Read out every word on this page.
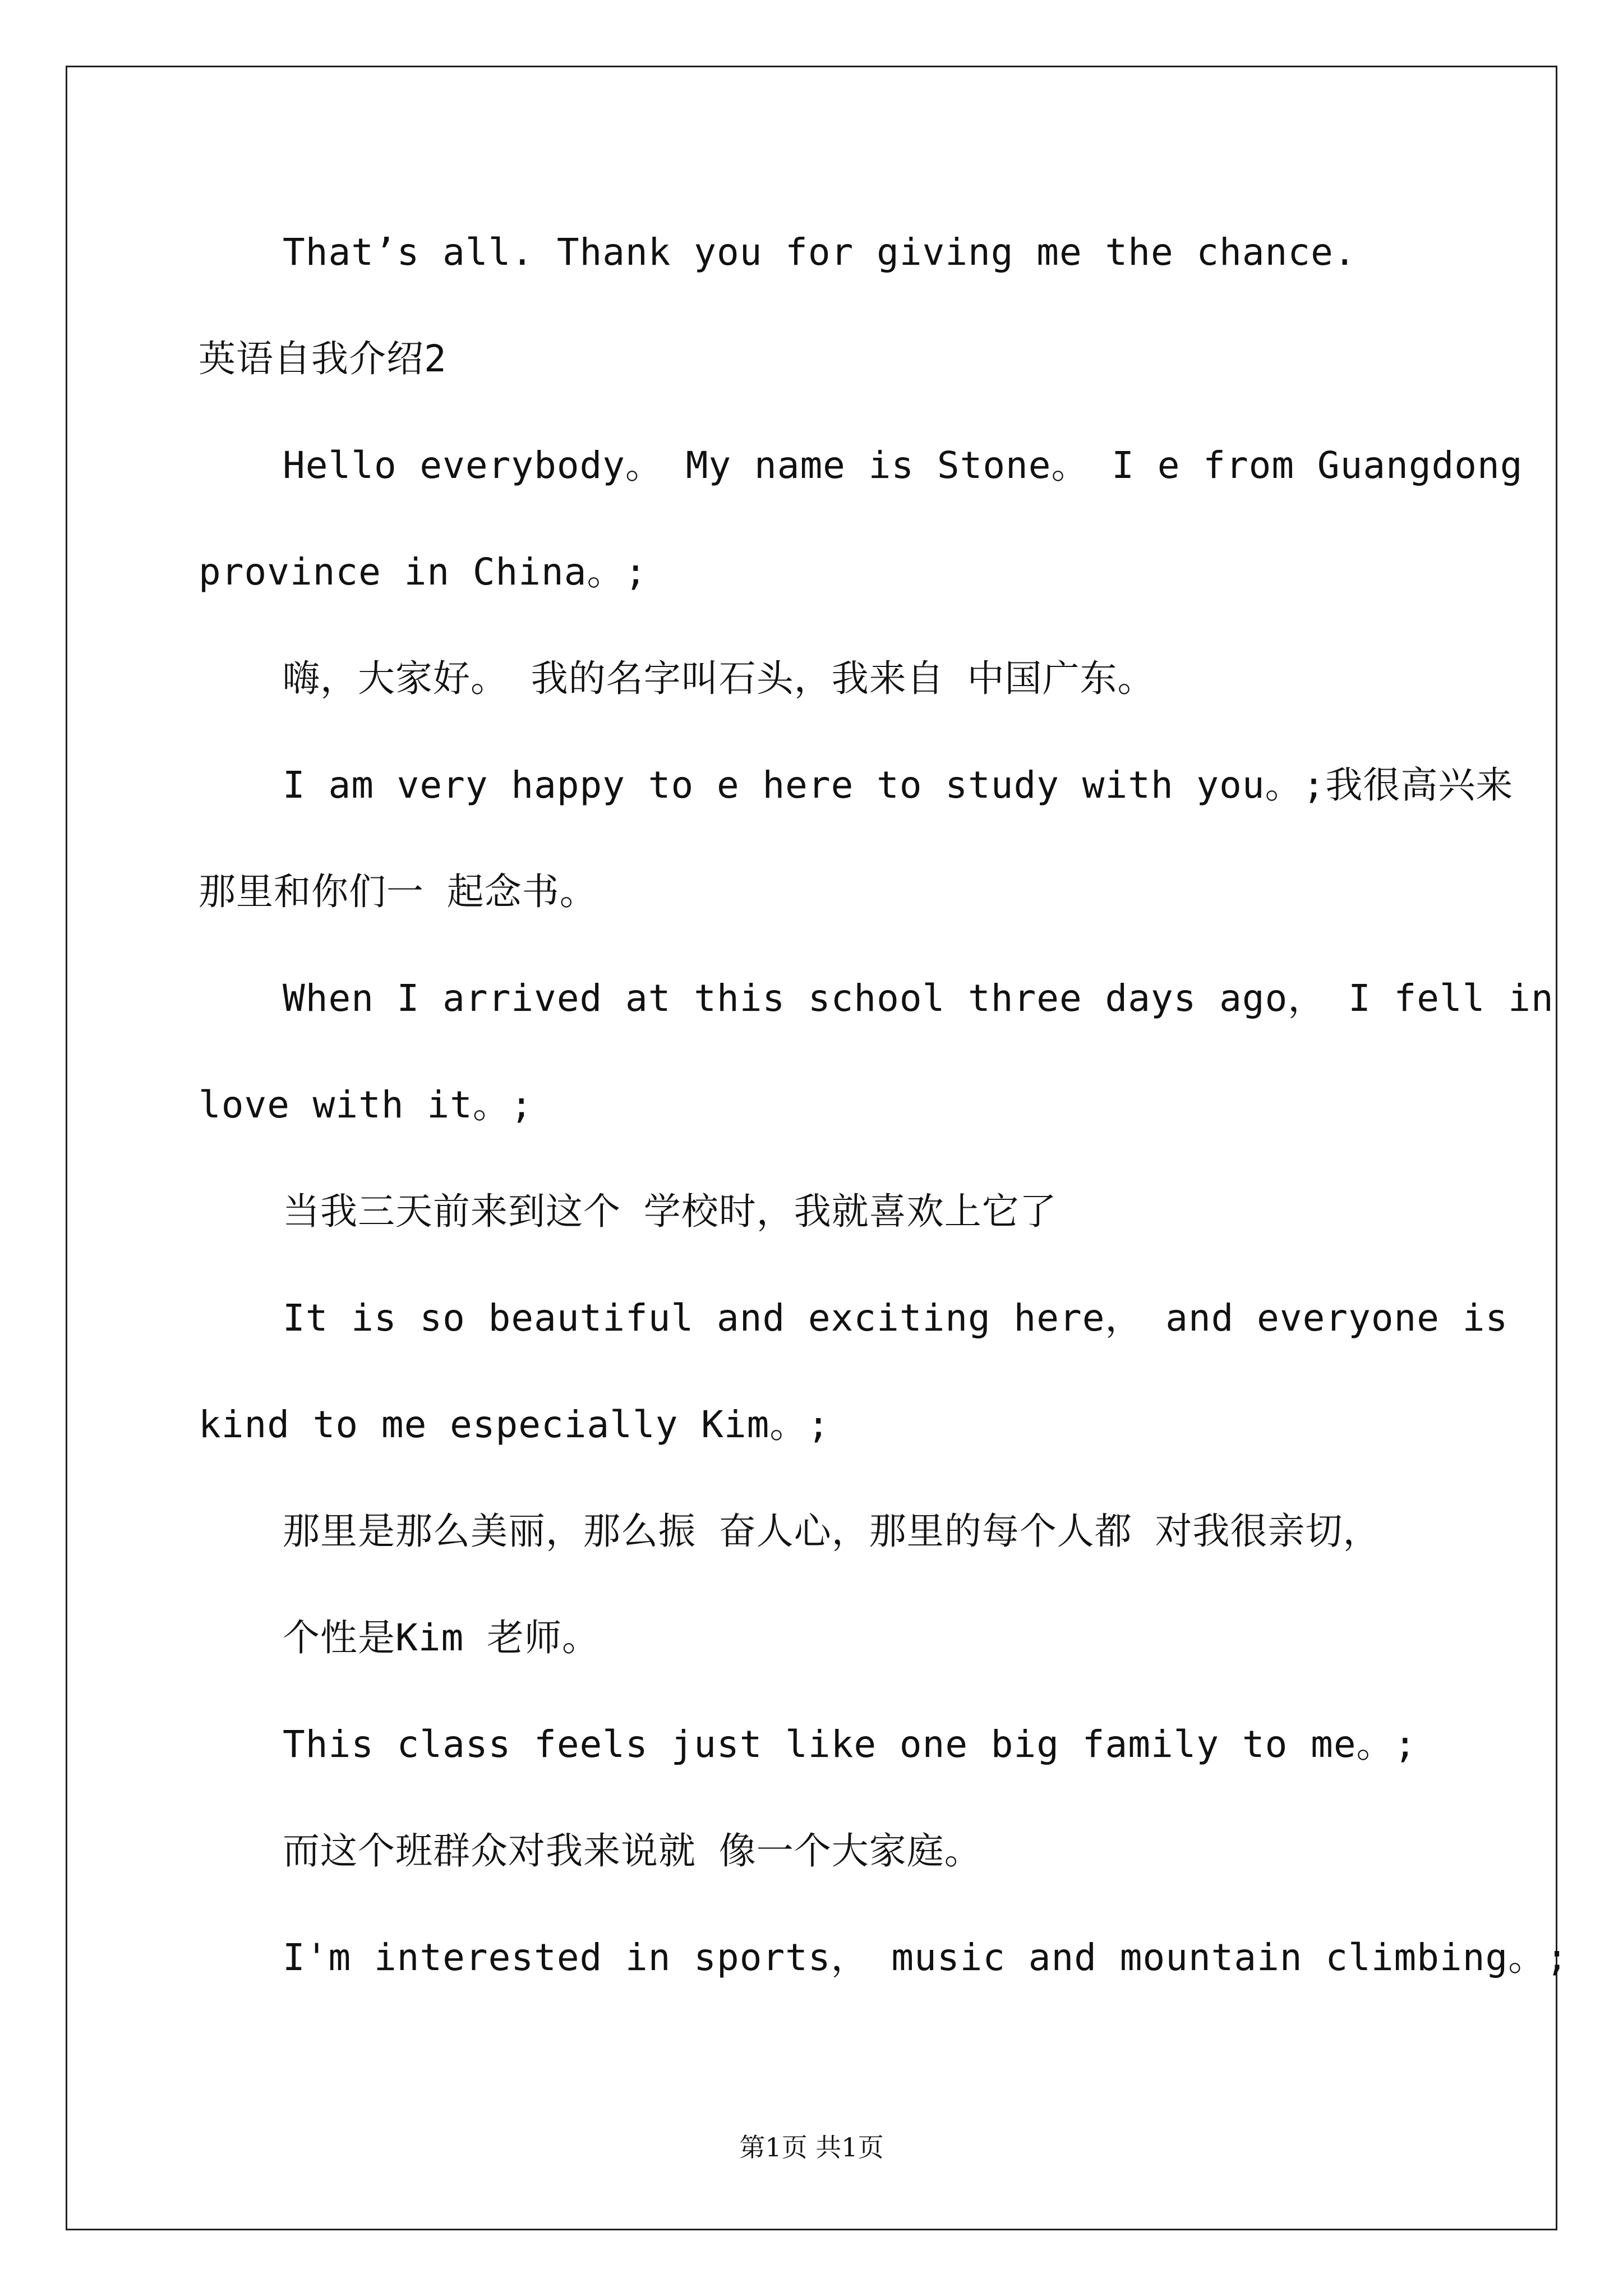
That’s all. Thank you for giving me the chance.
英语自我介绍2
Hello everybody。 My name is Stone。 I e from Guangdong
province in China。;
嗨，大家好。 我的名字叫石头，我来自 中国广东。
I am very happy to e here to study with you。;我很高兴来
那里和你们一 起念书。
When I arrived at this school three days ago， I fell in
love with it。;
当我三天前来到这个 学校时，我就喜欢上它了
It is so beautiful and exciting here， and everyone is
kind to me especially Kim。;
那里是那么美丽，那么振 奋人心，那里的每个人都 对我很亲切，
个性是Kim 老师。
This class feels just like one big family to me。;
而这个班群众对我来说就 像一个大家庭。
I'm interested in sports， music and mountain climbing。;
第1页 共1页
